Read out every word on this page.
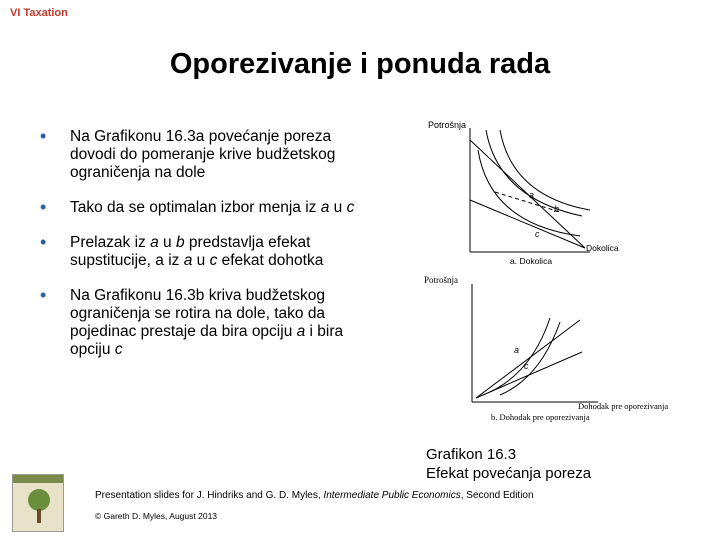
VI Taxation
Oporezivanje i ponuda rada
• Na Grafikonu 16.3a povećanje poreza dovodi do pomeranje krive budžetskog ograničenja na dole
• Tako da se optimalan izbor menja iz a u c
• Prelazak iz a u b predstavlja efekat supstitucije, a iz a u c efekat dohotka
• Na Grafikonu 16.3b kriva budžetskog ograničenja se rotira na dole, tako da pojedinac prestaje da bira opciju a i bira opciju c
Potrošnja
Dokolica
a. Dokolica
a
b
c
Potrošnja
Dohodak pre oporezivanja
b. Dohodak pre oporezivanja
a
c
Grafikon 16.3
Efekat povećanja poreza
Presentation slides for J. Hindriks and G. D. Myles, Intermediate Public Economics, Second Edition
© Gareth D. Myles, August 2013
